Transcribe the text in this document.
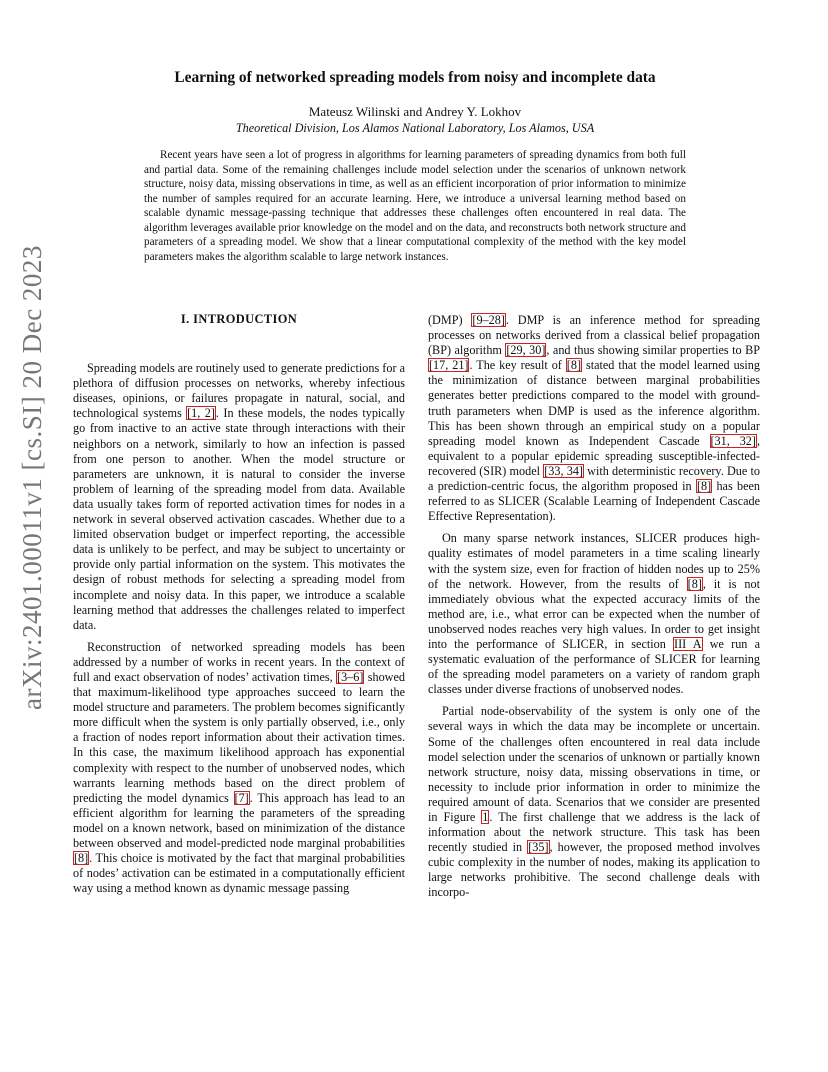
arXiv:2401.00011v1 [cs.SI] 20 Dec 2023
Learning of networked spreading models from noisy and incomplete data
Mateusz Wilinski and Andrey Y. Lokhov
Theoretical Division, Los Alamos National Laboratory, Los Alamos, USA

Recent years have seen a lot of progress in algorithms for learning parameters of spreading dynamics from both full and partial data. Some of the remaining challenges include model selection under the scenarios of unknown network structure, noisy data, missing observations in time, as well as an efficient incorporation of prior information to minimize the number of samples required for an accurate learning. Here, we introduce a universal learning method based on scalable dynamic message-passing technique that addresses these challenges often encountered in real data. The algorithm leverages available prior knowledge on the model and on the data, and reconstructs both network structure and parameters of a spreading model. We show that a linear computational complexity of the method with the key model parameters makes the algorithm scalable to large network instances.

I. INTRODUCTION

Spreading models are routinely used to generate predictions for a plethora of diffusion processes on networks, whereby infectious diseases, opinions, or failures propagate in natural, social, and technological systems [1, 2]. In these models, the nodes typically go from inactive to an active state through interactions with their neighbors on a network, similarly to how an infection is passed from one person to another. When the model structure or parameters are unknown, it is natural to consider the inverse problem of learning of the spreading model from data. Available data usually takes form of reported activation times for nodes in a network in several observed activation cascades. Whether due to a limited observation budget or imperfect reporting, the accessible data is unlikely to be perfect, and may be subject to uncertainty or provide only partial information on the system. This motivates the design of robust methods for selecting a spreading model from incomplete and noisy data. In this paper, we introduce a scalable learning method that addresses the challenges related to imperfect data.

Reconstruction of networked spreading models has been addressed by a number of works in recent years. In the context of full and exact observation of nodes’ activation times, [3–6] showed that maximum-likelihood type approaches succeed to learn the model structure and parameters. The problem becomes significantly more difficult when the system is only partially observed, i.e., only a fraction of nodes report information about their activation times. In this case, the maximum likelihood approach has exponential complexity with respect to the number of unobserved nodes, which warrants learning methods based on the direct problem of predicting the model dynamics [7]. This approach has lead to an efficient algorithm for learning the parameters of the spreading model on a known network, based on minimization of the distance between observed and model-predicted node marginal probabilities [8]. This choice is motivated by the fact that marginal probabilities of nodes’ activation can be estimated in a computationally efficient way using a method known as dynamic message passing

(DMP) [9–28]. DMP is an inference method for spreading processes on networks derived from a classical belief propagation (BP) algorithm [29, 30], and thus showing similar properties to BP [17, 21]. The key result of [8] stated that the model learned using the minimization of distance between marginal probabilities generates better predictions compared to the model with ground-truth parameters when DMP is used as the inference algorithm. This has been shown through an empirical study on a popular spreading model known as Independent Cascade [31, 32], equivalent to a popular epidemic spreading susceptible-infected-recovered (SIR) model [33, 34] with deterministic recovery. Due to a prediction-centric focus, the algorithm proposed in [8] has been referred to as SLICER (Scalable Learning of Independent Cascade Effective Representation).

On many sparse network instances, SLICER produces high-quality estimates of model parameters in a time scaling linearly with the system size, even for fraction of hidden nodes up to 25% of the network. However, from the results of [8], it is not immediately obvious what the expected accuracy limits of the method are, i.e., what error can be expected when the number of unobserved nodes reaches very high values. In order to get insight into the performance of SLICER, in section III A we run a systematic evaluation of the performance of SLICER for learning of the spreading model parameters on a variety of random graph classes under diverse fractions of unobserved nodes.

Partial node-observability of the system is only one of the several ways in which the data may be incomplete or uncertain. Some of the challenges often encountered in real data include model selection under the scenarios of unknown or partially known network structure, noisy data, missing observations in time, or necessity to include prior information in order to minimize the required amount of data. Scenarios that we consider are presented in Figure 1. The first challenge that we address is the lack of information about the network structure. This task has been recently studied in [35], however, the proposed method involves cubic complexity in the number of nodes, making its application to large networks prohibitive. The second challenge deals with incorpo-
